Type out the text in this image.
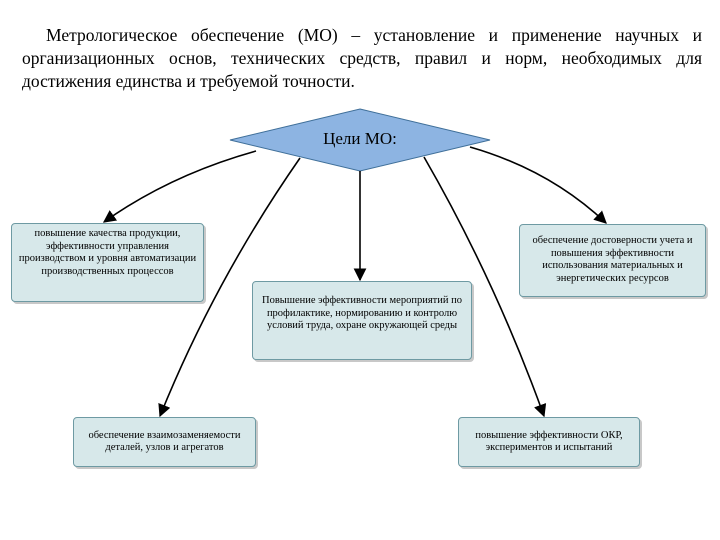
Метрологическое обеспечение (МО) – установление и применение научных и организационных основ, технических средств, правил и норм, необходимых для достижения единства и требуемой точности.

Цели МО:
повышение качества продукции, эффективности управления производством и уровня автоматизации производственных процессов
Повышение эффективности мероприятий по профилактике, нормированию и контролю условий труда, охране окружающей среды
обеспечение достоверности учета и повышения эффективности использования материальных и энергетических ресурсов
обеспечение взаимозаменяемости деталей, узлов и агрегатов
повышение эффективности ОКР, экспериментов и испытаний
